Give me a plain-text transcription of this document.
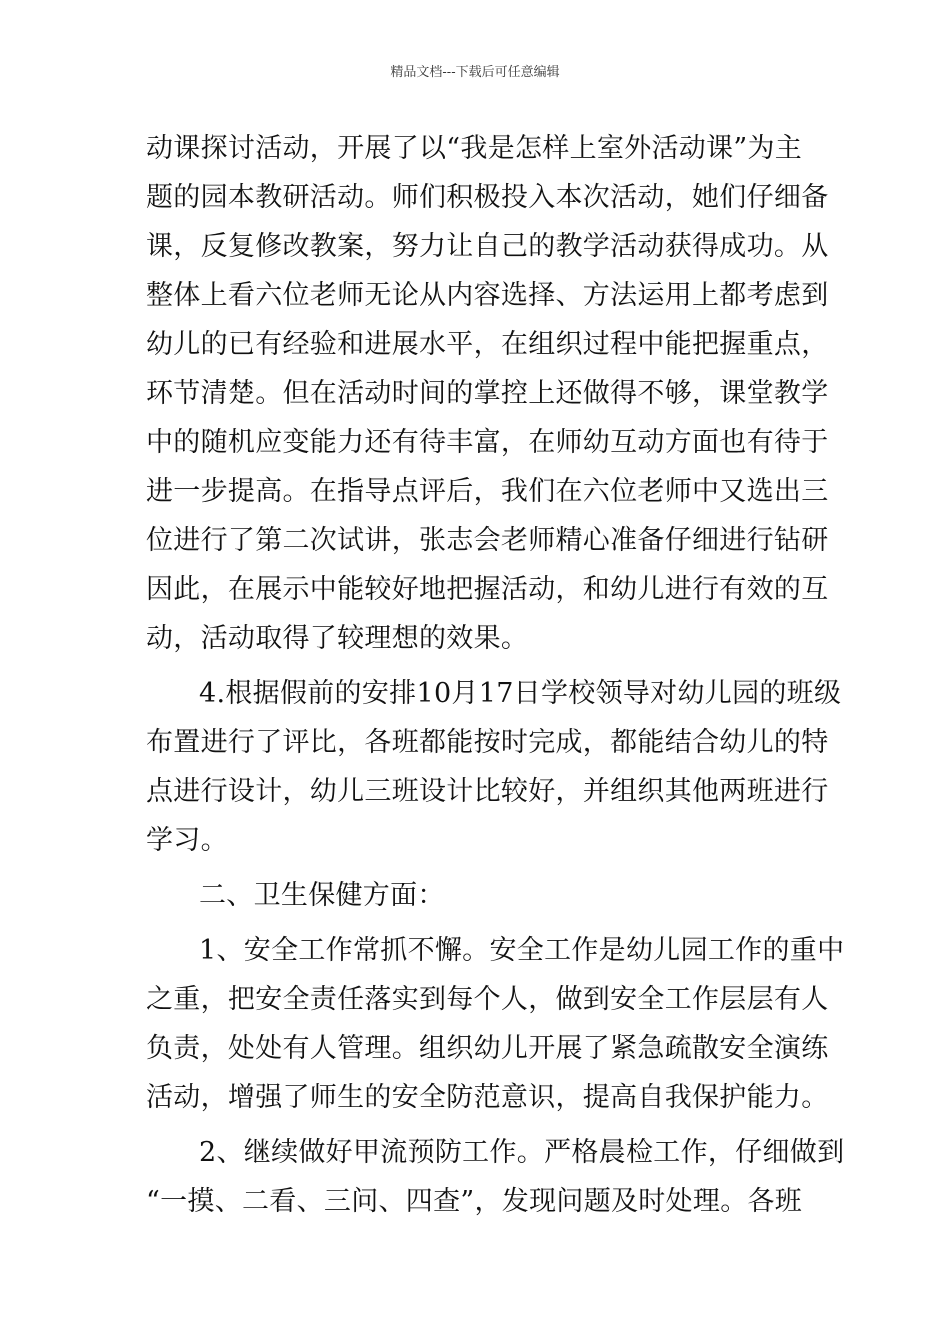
精品文档---下载后可任意编辑
动课探讨活动，开展了以“我是怎样上室外活动课”为主
题的园本教研活动。师们积极投入本次活动，她们仔细备
课，反复修改教案，努力让自己的教学活动获得成功。从
整体上看六位老师无论从内容选择、方法运用上都考虑到
幼儿的已有经验和进展水平，在组织过程中能把握重点，
环节清楚。但在活动时间的掌控上还做得不够，课堂教学
中的随机应变能力还有待丰富，在师幼互动方面也有待于
进一步提高。在指导点评后，我们在六位老师中又选出三
位进行了第二次试讲，张志会老师精心准备仔细进行钻研
因此，在展示中能较好地把握活动，和幼儿进行有效的互
动，活动取得了较理想的效果。
4.根据假前的安排10月17日学校领导对幼儿园的班级
布置进行了评比，各班都能按时完成，都能结合幼儿的特
点进行设计，幼儿三班设计比较好，并组织其他两班进行
学习。
二、卫生保健方面：
1、安全工作常抓不懈。安全工作是幼儿园工作的重中
之重，把安全责任落实到每个人，做到安全工作层层有人
负责，处处有人管理。组织幼儿开展了紧急疏散安全演练
活动，增强了师生的安全防范意识，提高自我保护能力。
2、继续做好甲流预防工作。严格晨检工作，仔细做到
“一摸、二看、三问、四查”，发现问题及时处理。各班
